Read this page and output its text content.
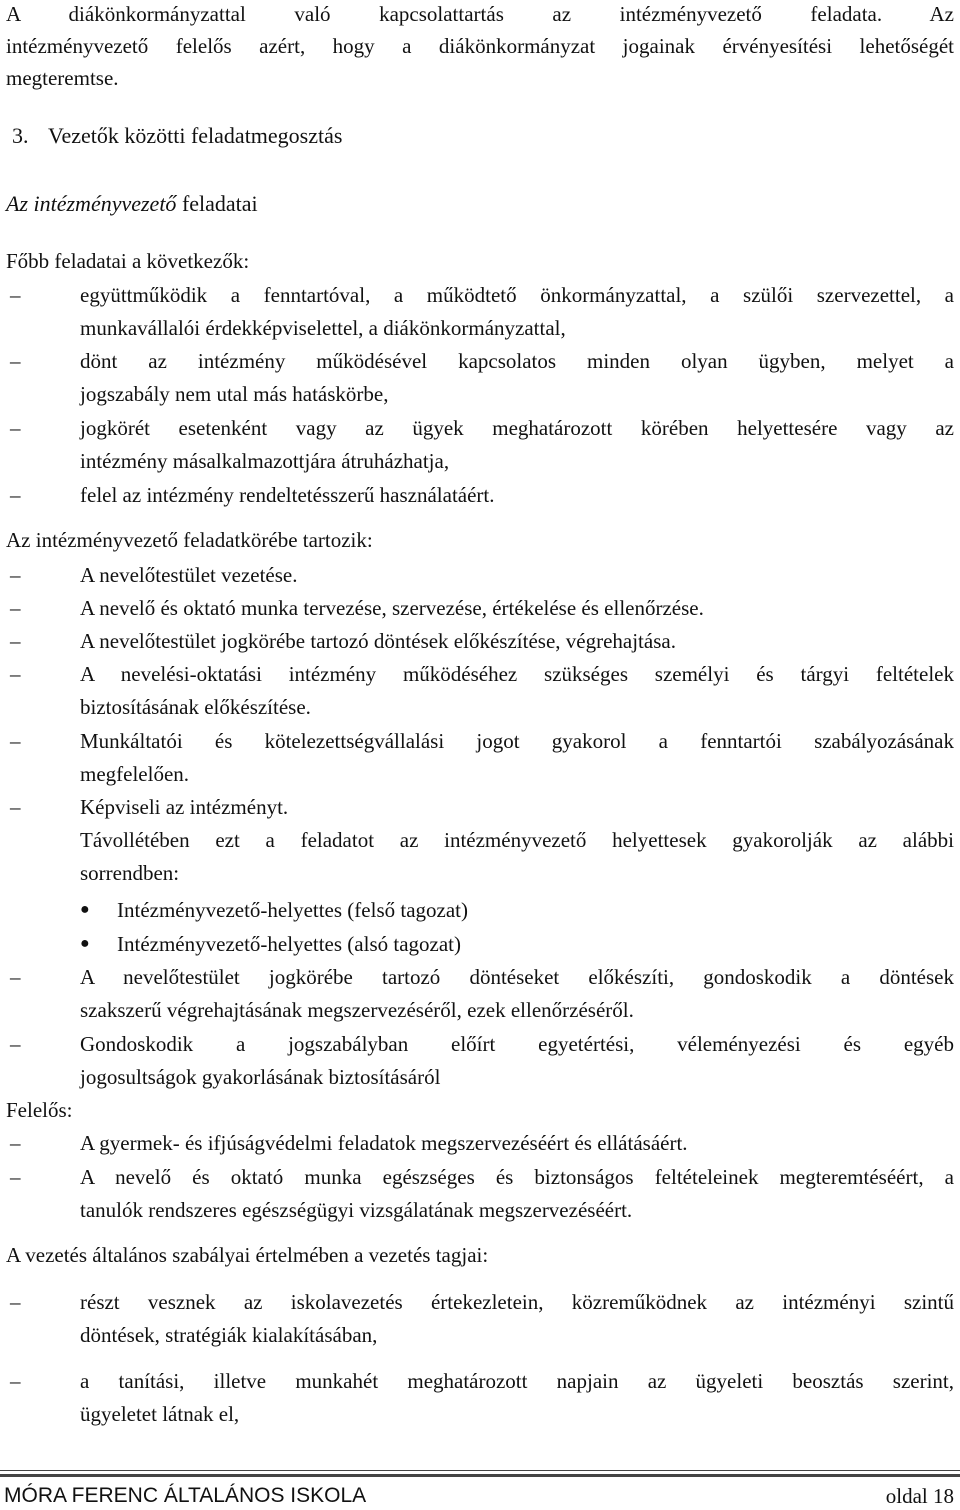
A diákönkormányzattal való kapcsolattartás az intézményvezető feladata. Az
intézményvezető felelős azért, hogy a diákönkormányzat jogainak érvényesítési lehetőségét
megteremtse.
3. Vezetők közötti feladatmegosztás
Az intézményvezető feladatai
Főbb feladatai a következők:
–	együttműködik a fenntartóval, a működtető önkormányzattal, a szülői szervezettel, a
munkavállalói érdekképviselettel, a diákönkormányzattal,
–	dönt az intézmény működésével kapcsolatos minden olyan ügyben, melyet a
jogszabály nem utal más hatáskörbe,
–	jogkörét esetenként vagy az ügyek meghatározott körében helyettesére vagy az
intézmény másalkalmazottjára átruházhatja,
–	felel az intézmény rendeltetésszerű használatáért.
Az intézményvezető feladatkörébe tartozik:
–	A nevelőtestület vezetése.
–	A nevelő és oktató munka tervezése, szervezése, értékelése és ellenőrzése.
–	A nevelőtestület jogkörébe tartozó döntések előkészítése, végrehajtása.
–	A nevelési-oktatási intézmény működéséhez szükséges személyi és tárgyi feltételek
biztosításának előkészítése.
–	Munkáltatói és kötelezettségvállalási jogot gyakorol a fenntartói szabályozásának
megfelelően.
–	Képviseli az intézményt.
Távollétében ezt a feladatot az intézményvezető helyettesek gyakorolják az alábbi
sorrendben:
● Intézményvezető-helyettes (felső tagozat)
● Intézményvezető-helyettes (alsó tagozat)
–	A nevelőtestület jogkörébe tartozó döntéseket előkészíti, gondoskodik a döntések
szakszerű végrehajtásának megszervezéséről, ezek ellenőrzéséről.
–	Gondoskodik a jogszabályban előírt egyetértési, véleményezési és egyéb
jogosultságok gyakorlásának biztosításáról
Felelős:
–	A gyermek- és ifjúságvédelmi feladatok megszervezéséért és ellátásáért.
–	A nevelő és oktató munka egészséges és biztonságos feltételeinek megteremtéséért, a
tanulók rendszeres egészségügyi vizsgálatának megszervezéséért.
A vezetés általános szabályai értelmében a vezetés tagjai:
–	részt vesznek az iskolavezetés értekezletein, közreműködnek az intézményi szintű
döntések, stratégiák kialakításában,
–	a tanítási, illetve munkahét meghatározott napjain az ügyeleti beosztás szerint,
ügyeletet látnak el,
MÓRA FERENC ÁLTALÁNOS ISKOLA	oldal 18
